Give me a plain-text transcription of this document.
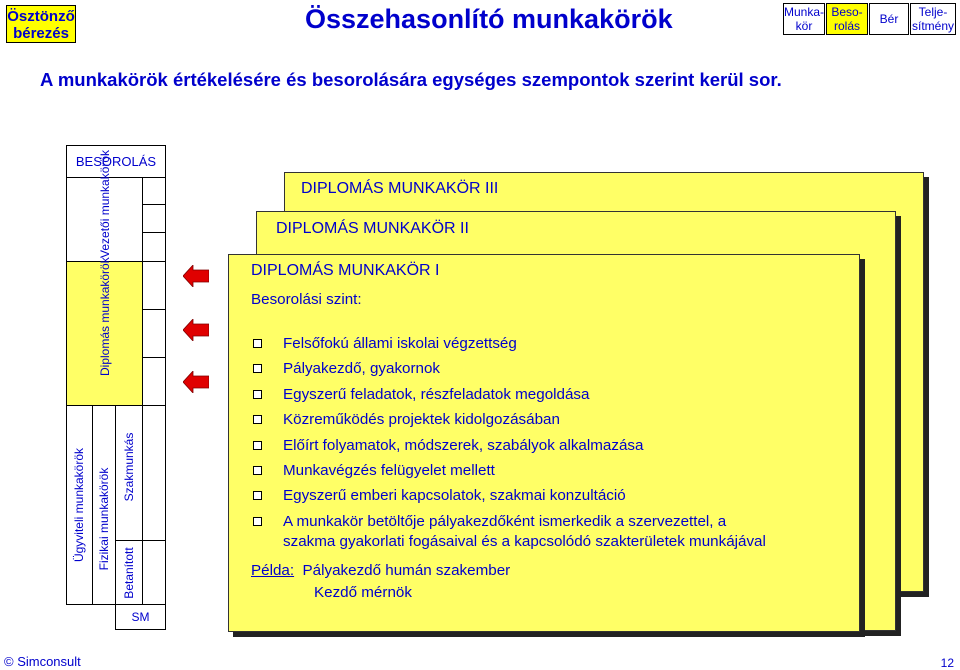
Ösztönző
bérezés	Összehasonlító munkakörök	Munka-
kör
Beso-
rolás Bér	Telje-
sítmény
A munkakörök értékelésére és besorolására egységes szempontok szerint kerül sor.
BESOROLÁS
Vezetői munkakörök
Diplomás munkakörök
Ügyviteli munkakörök Fizikai munkakörök
Szakmunkás
Betanított
SM
DIPLOMÁS MUNKAKÖR III
DIPLOMÁS MUNKAKÖR II
DIPLOMÁS MUNKAKÖR I
Besorolási szint:
Felsőfokú állami iskolai végzettség
Pályakezdő, gyakornok
Egyszerű feladatok, részfeladatok megoldása
Közreműködés projektek kidolgozásában
Előírt folyamatok, módszerek, szabályok alkalmazása
Munkavégzés felügyelet mellett
Egyszerű emberi kapcsolatok, szakmai konzultáció
A munkakör betöltője pályakezdőként ismerkedik a szervezettel, a
szakma gyakorlati fogásaival és a kapcsolódó szakterületek munkájával
Példa: Pályakezdő humán szakember
Kezdő mérnök
© Simconsult	12
